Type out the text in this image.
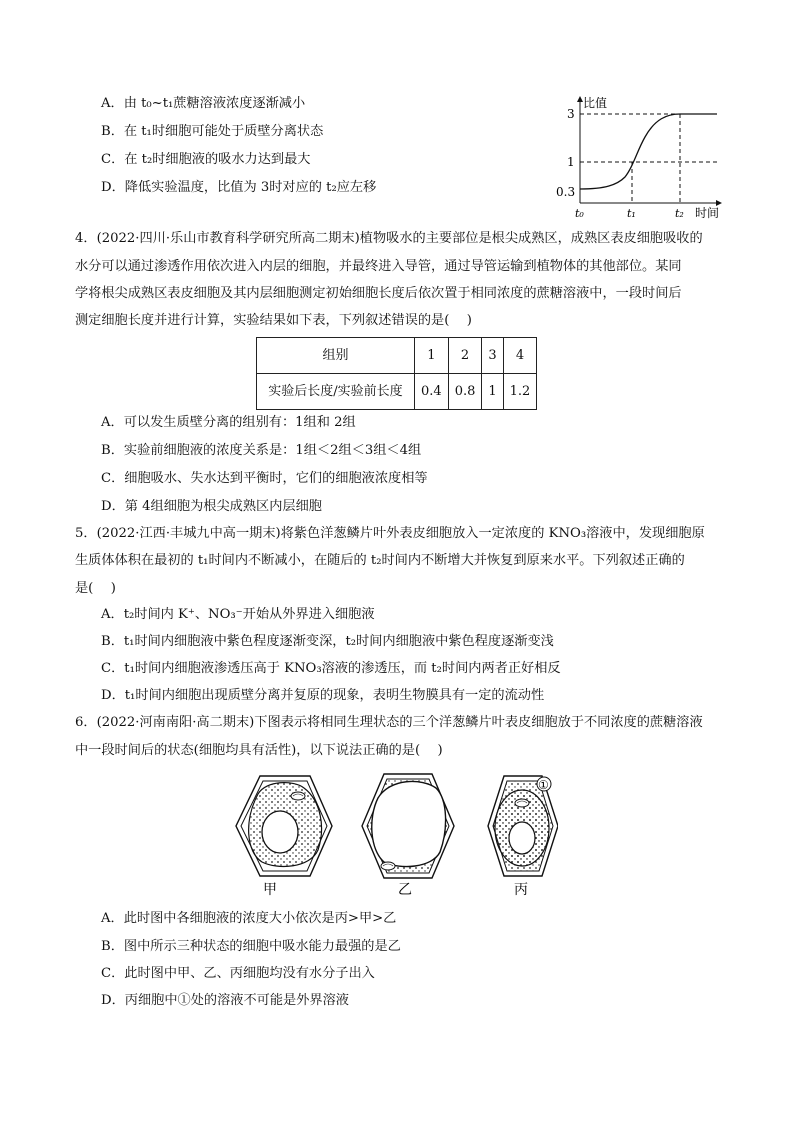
A．由 t₀~t₁蔗糖溶液浓度逐渐减小
B．在 t₁时细胞可能处于质壁分离状态
C．在 t₂时细胞液的吸水力达到最大
D．降低实验温度，比值为 3时对应的 t₂应左移
比值
时间
3
1
0.3
t₀	t₁	t₂
4．(2022·四川·乐山市教育科学研究所高二期末)植物吸水的主要部位是根尖成熟区，成熟区表皮细胞吸收的
水分可以通过渗透作用依次进入内层的细胞，并最终进入导管，通过导管运输到植物体的其他部位。某同
学将根尖成熟区表皮细胞及其内层细胞测定初始细胞长度后依次置于相同浓度的蔗糖溶液中，一段时间后
测定细胞长度并进行计算，实验结果如下表，下列叙述错误的是(　 )
组别	1	2	3	4
实验后长度/实验前长度	0.4	0.8	1	1.2
A．可以发生质壁分离的组别有：1组和 2组
B．实验前细胞液的浓度关系是：1组＜2组＜3组＜4组
C．细胞吸水、失水达到平衡时，它们的细胞液浓度相等
D．第 4组细胞为根尖成熟区内层细胞
5．(2022·江西·丰城九中高一期末)将紫色洋葱鳞片叶外表皮细胞放入一定浓度的 KNO₃溶液中，发现细胞原
生质体体积在最初的 t₁时间内不断减小，在随后的 t₂时间内不断增大并恢复到原来水平。下列叙述正确的
是(　 )
A．t₂时间内 K⁺、NO₃⁻开始从外界进入细胞液
B．t₁时间内细胞液中紫色程度逐渐变深，t₂时间内细胞液中紫色程度逐渐变浅
C．t₁时间内细胞液渗透压高于 KNO₃溶液的渗透压，而 t₂时间内两者正好相反
D．t₁时间内细胞出现质壁分离并复原的现象，表明生物膜具有一定的流动性
6．(2022·河南南阳·高二期末)下图表示将相同生理状态的三个洋葱鳞片叶表皮细胞放于不同浓度的蔗糖溶液
中一段时间后的状态(细胞均具有活性)，以下说法正确的是(　 )
①
甲	乙	丙
A．此时图中各细胞液的浓度大小依次是丙>甲>乙
B．图中所示三种状态的细胞中吸水能力最强的是乙
C．此时图中甲、乙、丙细胞均没有水分子出入
D．丙细胞中①处的溶液不可能是外界溶液
